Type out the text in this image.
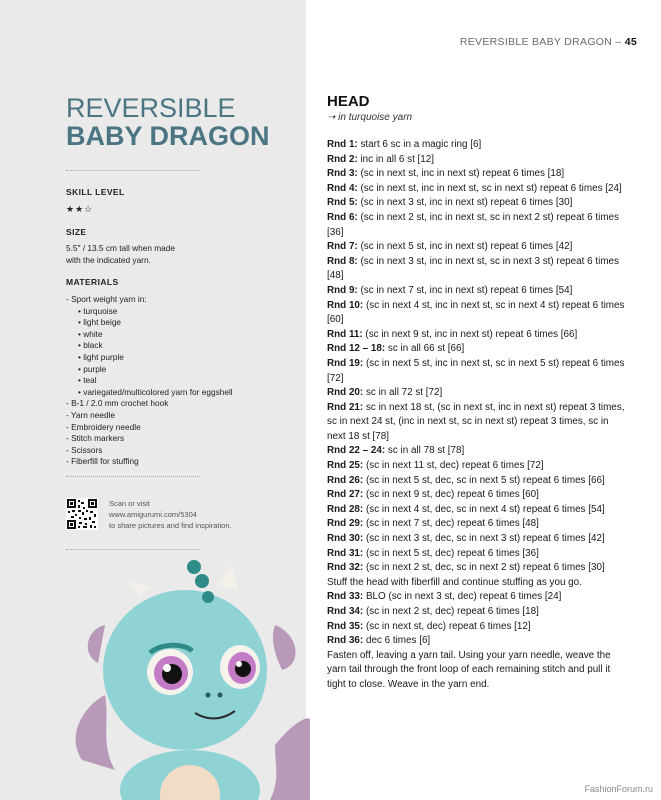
REVERSIBLE BABY DRAGON – 45
REVERSIBLE
BABY DRAGON
SKILL LEVEL
★★☆
SIZE
5.5" / 13.5 cm tall when made
with the indicated yarn.
MATERIALS
- Sport weight yarn in:
• turquoise
• light beige
• white
• black
• light purple
• purple
• teal
• variegated/multicolored yarn for eggshell
- B-1 / 2.0 mm crochet hook
- Yarn needle
- Embroidery needle
- Stitch markers
- Scissors
- Fiberfill for stuffing
Scan or visit
www.amigurumi.com/5304
to share pictures and find inspiration.
HEAD
➝ in turquoise yarn

Rnd 1: start 6 sc in a magic ring [6]

Rnd 2: inc in all 6 st [12]

Rnd 3: (sc in next st, inc in next st) repeat 6 times [18]

Rnd 4: (sc in next st, inc in next st, sc in next st) repeat 6 times [24]

Rnd 5: (sc in next 3 st, inc in next st) repeat 6 times [30]

Rnd 6: (sc in next 2 st, inc in next st, sc in next 2 st) repeat 6 times [36]

Rnd 7: (sc in next 5 st, inc in next st) repeat 6 times [42]

Rnd 8: (sc in next 3 st, inc in next st, sc in next 3 st) repeat 6 times [48]

Rnd 9: (sc in next 7 st, inc in next st) repeat 6 times [54]

Rnd 10: (sc in next 4 st, inc in next st, sc in next 4 st) repeat 6 times [60]

Rnd 11: (sc in next 9 st, inc in next st) repeat 6 times [66]

Rnd 12 – 18: sc in all 66 st [66]

Rnd 19: (sc in next 5 st, inc in next st, sc in next 5 st) repeat 6 times [72]

Rnd 20: sc in all 72 st [72]

Rnd 21: sc in next 18 st, (sc in next st, inc in next st) repeat 3 times, sc in next 24 st, (inc in next st, sc in next st) repeat 3 times, sc in next 18 st [78]

Rnd 22 – 24: sc in all 78 st [78]

Rnd 25: (sc in next 11 st, dec) repeat 6 times [72]

Rnd 26: (sc in next 5 st, dec, sc in next 5 st) repeat 6 times [66]

Rnd 27: (sc in next 9 st, dec) repeat 6 times [60]

Rnd 28: (sc in next 4 st, dec, sc in next 4 st) repeat 6 times [54]

Rnd 29: (sc in next 7 st, dec) repeat 6 times [48]

Rnd 30: (sc in next 3 st, dec, sc in next 3 st) repeat 6 times [42]

Rnd 31: (sc in next 5 st, dec) repeat 6 times [36]

Rnd 32: (sc in next 2 st, dec, sc in next 2 st) repeat 6 times [30]

Stuff the head with fiberfill and continue stuffing as you go.

Rnd 33: BLO (sc in next 3 st, dec) repeat 6 times [24]

Rnd 34: (sc in next 2 st, dec) repeat 6 times [18]

Rnd 35: (sc in next st, dec) repeat 6 times [12]

Rnd 36: dec 6 times [6]

Fasten off, leaving a yarn tail. Using your yarn needle, weave the yarn tail through the front loop of each remaining stitch and pull it tight to close. Weave in the yarn end.

FashionForum.ru
